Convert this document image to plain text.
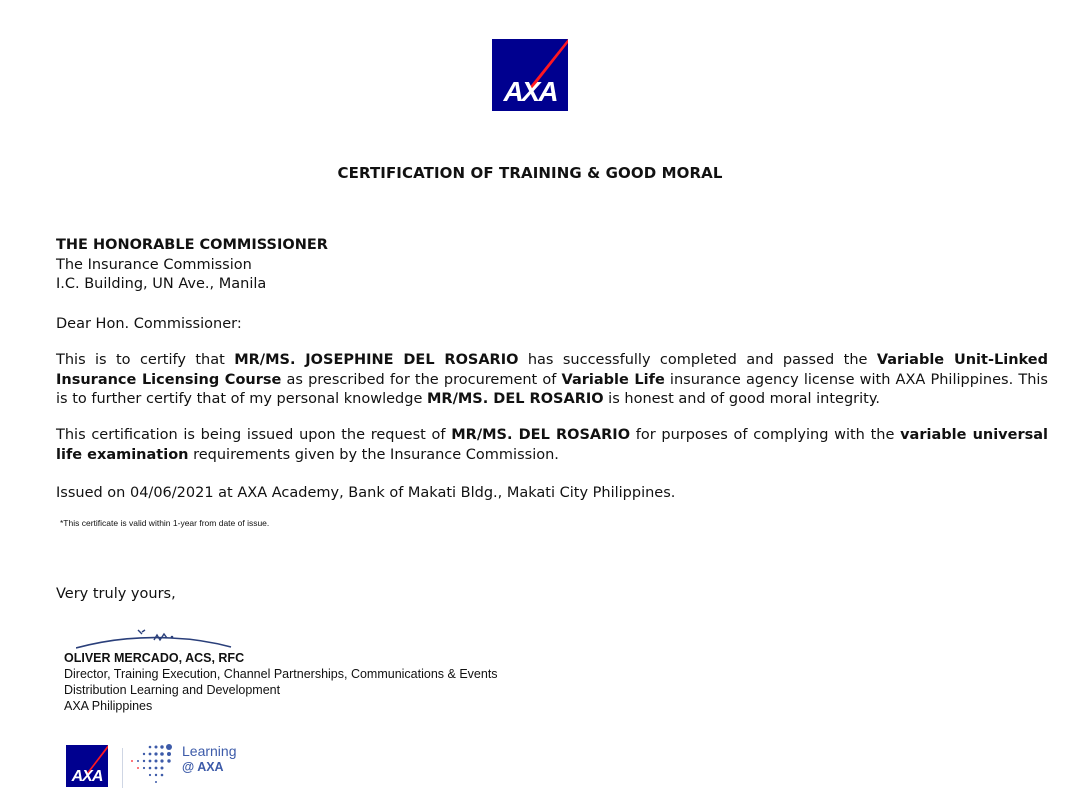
AXA
CERTIFICATION OF TRAINING & GOOD MORAL
THE HONORABLE COMMISSIONER
The Insurance Commission
I.C. Building, UN Ave., Manila
Dear Hon. Commissioner:
This is to certify that MR/MS. JOSEPHINE DEL ROSARIO has successfully completed and passed the Variable Unit-Linked Insurance Licensing Course as prescribed for the procurement of Variable Life insurance agency license with AXA Philippines. This is to further certify that of my personal knowledge MR/MS. DEL ROSARIO is honest and of good moral integrity.
This certification is being issued upon the request of MR/MS. DEL ROSARIO for purposes of complying with the variable universal life examination requirements given by the Insurance Commission.
Issued on 04/06/2021 at AXA Academy, Bank of Makati Bldg., Makati City Philippines.
*This certificate is valid within 1-year from date of issue.
Very truly yours,
OLIVER MERCADO, ACS, RFC
Director, Training Execution, Channel Partnerships, Communications & Events
Distribution Learning and Development
AXA Philippines
AXA
Learning
@ AXA
